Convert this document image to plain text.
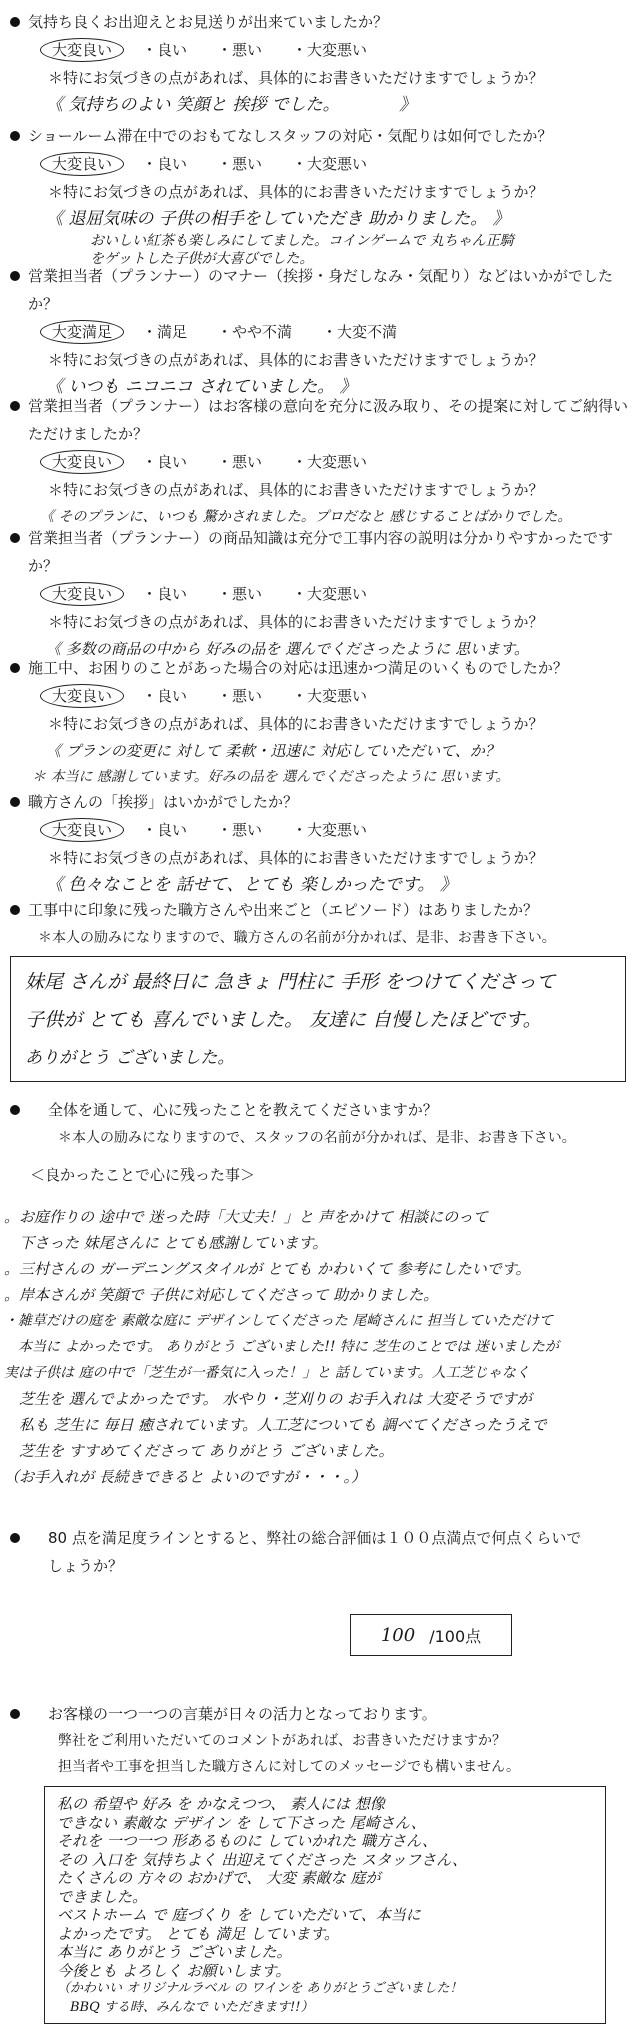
気持ち良くお出迎えとお見送りが出来ていましたか？
大変良い ・良い ・悪い ・大変悪い
＊特にお気づきの点があれば、具体的にお書きいただけますでしょうか？
《 気持ちのよい 笑顔と 挨拶 でした。　　　　》
ショールーム滞在中でのおもてなしスタッフの対応・気配りは如何でしたか？
大変良い ・良い ・悪い ・大変悪い
＊特にお気づきの点があれば、具体的にお書きいただけますでしょうか？
《 退屈気味の 子供の相手をしていただき 助かりました。 》
おいしい紅茶も楽しみにしてました。コインゲームで 丸ちゃん正騎
をゲットした子供が大喜びでした。
営業担当者（プランナー）のマナー（挨拶・身だしなみ・気配り）などはいかがでしたか？
大変満足 ・満足 ・やや不満 ・大変不満
＊特にお気づきの点があれば、具体的にお書きいただけますでしょうか？
《 いつも ニコニコ されていました。 》
営業担当者（プランナー）はお客様の意向を充分に汲み取り、その提案に対してご納得いただけましたか？
大変良い ・良い ・悪い ・大変悪い
＊特にお気づきの点があれば、具体的にお書きいただけますでしょうか？
《 そのプランに、いつも 驚かされました。プロだなと 感じすることばかりでした。
営業担当者（プランナー）の商品知識は充分で工事内容の説明は分かりやすかったですか？
大変良い ・良い ・悪い ・大変悪い
＊特にお気づきの点があれば、具体的にお書きいただけますでしょうか？
《 多数の商品の中から 好みの品を 選んでくださったように 思います。
施工中、お困りのことがあった場合の対応は迅速かつ満足のいくものでしたか？
大変良い ・良い ・悪い ・大変悪い
＊特にお気づきの点があれば、具体的にお書きいただけますでしょうか？
《 プランの変更に 対して 柔軟・迅速に 対応していただいて、か？
＊ 本当に 感謝しています。好みの品を 選んでくださったように 思います。
職方さんの「挨拶」はいかがでしたか？
大変良い ・良い ・悪い ・大変悪い
＊特にお気づきの点があれば、具体的にお書きいただけますでしょうか？
《 色々なことを 話せて、とても 楽しかったです。 》
工事中に印象に残った職方さんや出来ごと（エピソード）はありましたか？
＊本人の励みになりますので、職方さんの名前が分かれば、是非、お書き下さい。
妹尾 さんが 最終日に 急きょ 門柱に 手形 をつけてくださって
子供が とても 喜んでいました。 友達に 自慢したほどです。
ありがとう ございました。
全体を通して、心に残ったことを教えてくださいますか？
＊本人の励みになりますので、スタッフの名前が分かれば、是非、お書き下さい。
＜良かったことで心に残った事＞
。お庭作りの 途中で 迷った時「大丈夫！」と 声をかけて 相談にのって
　下さった 妹尾さんに とても感謝しています。
。三村さんの ガーデニングスタイルが とても かわいくて 参考にしたいです。
。岸本さんが 笑顔で 子供に対応してくださって 助かりました。
・雑草だけの庭を 素敵な庭に デザインしてくださった 尾崎さんに 担当していただけて
　本当に よかったです。 ありがとう ございました!! 特に 芝生のことでは 迷いましたが
実は子供は 庭の中で「芝生が一番気に入った！」と 話しています。人工芝じゃなく
　芝生を 選んでよかったです。 水やり・芝刈りの お手入れは 大変そうですが
　私も 芝生に 毎日 癒されています。人工芝についても 調べてくださったうえで
　芝生を すすめてくださって ありがとう ございました。
（お手入れが 長続きできると よいのですが・・・。）
80 点を満足度ラインとすると、弊社の総合評価は１００点満点で何点くらいでしょうか？
100 /100点
お客様の一つ一つの言葉が日々の活力となっております。
弊社をご利用いただいてのコメントがあれば、お書きいただけますか？
担当者や工事を担当した職方さんに対してのメッセージでも構いません。
私の 希望や 好み を かなえつつ、 素人には 想像
できない 素敵な デザイン を して下さった 尾崎さん、
それを 一つ一つ 形あるものに していかれた 職方さん、
その 入口を 気持ちよく 出迎えてくださった スタッフさん、
たくさんの 方々の おかげで、 大変 素敵な 庭が
できました。
ベストホーム で 庭づくり を していただいて、本当に
よかったです。 とても 満足 しています。
本当に ありがとう ございました。
今後とも よろしく お願いします。
（かわいい オリジナルラベル の ワインを ありがとうございました！
　BBQ する時、みんなで いただきます!!）
